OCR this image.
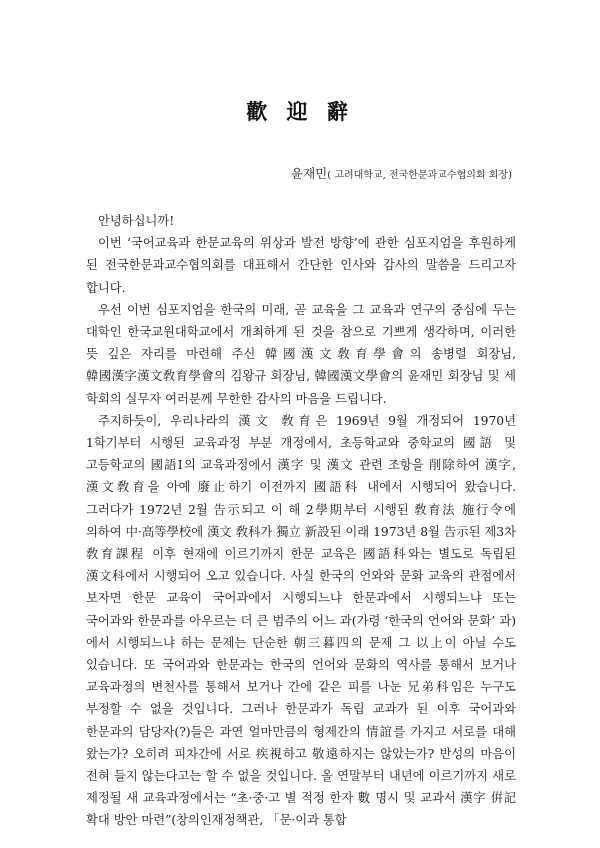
歡 迎 辭
윤재민( 고려대학교, 전국한문과교수협의회 회장)

안녕하십니까!

이번 ‘국어교육과 한문교육의 위상과 발전 방향’에 관한 심포지엄을 후원하게 된 전국한문과교수협의회를 대표해서 간단한 인사와 감사의 말씀을 드리고자 합니다.

우선 이번 심포지엄을 한국의 미래, 곧 교육을 그 교육과 연구의 중심에 두는 대학인 한국교원대학교에서 개최하게 된 것을 참으로 기쁘게 생각하며, 이러한 뜻 깊은 자리를 마련해 주신 韓國漢文敎育學會의 송병렬 회장님, 韓國漢字漢文敎育學會의 김왕규 회장님, 韓國漢文學會의 윤재민 회장님 및 세 학회의 실무자 여러분께 무한한 감사의 마음을 드립니다.

주지하듯이, 우리나라의 漢文 敎育은 1969년 9월 개정되어 1970년 1학기부터 시행된 교육과정 부분 개정에서, 초등학교와 중학교의 國語 및 고등학교의 國語Ⅰ의 교육과정에서 漢字 및 漢文 관련 조항을 削除하여 漢字, 漢文敎育을 아예 廢止하기 이전까지 國語科 내에서 시행되어 왔습니다. 그러다가 1972년 2월 告示되고 이 해 2學期부터 시행된 敎育法 施行令에 의하여 中·高等學校에 漢文 敎科가 獨立 新設된 이래 1973년 8월 告示된 제3차 敎育課程 이후 현재에 이르기까지 한문 교육은 國語科와는 별도로 독립된 漢文科에서 시행되어 오고 있습니다. 사실 한국의 언와와 문화 교육의 관점에서 보자면 한문 교육이 국어과에서 시행되느냐 한문과에서 시행되느냐 또는 국어과와 한문과를 아우르는 더 큰 범주의 어느 과(가령 ‘한국의 언어와 문화’ 과)에서 시행되느냐 하는 문제는 단순한 朝三暮四의 문제 그 以上이 아닐 수도 있습니다. 또 국어과와 한문과는 한국의 언어와 문화의 역사를 통해서 보거나 교육과정의 변천사를 통해서 보거나 간에 같은 피를 나눈 兄弟科임은 누구도 부정할 수 없을 것입니다. 그러나 한문과가 독립 교과가 된 이후 국어과와 한문과의 담당자(?)들은 과연 얼마만큼의 형제간의 情誼를 가지고 서로를 대해 왔는가? 오히려 피차간에 서로 疾視하고 敬遠하지는 않았는가? 반성의 마음이 전혀 들지 않는다고는 할 수 없을 것입니다. 올 연말부터 내년에 이르기까지 새로 제정될 새 교육과정에서는 “초·중·고 별 적정 한자 數 명시 및 교과서 漢字 倂記 확대 방안 마련”(창의인재정책관, 「문·이과 통합
